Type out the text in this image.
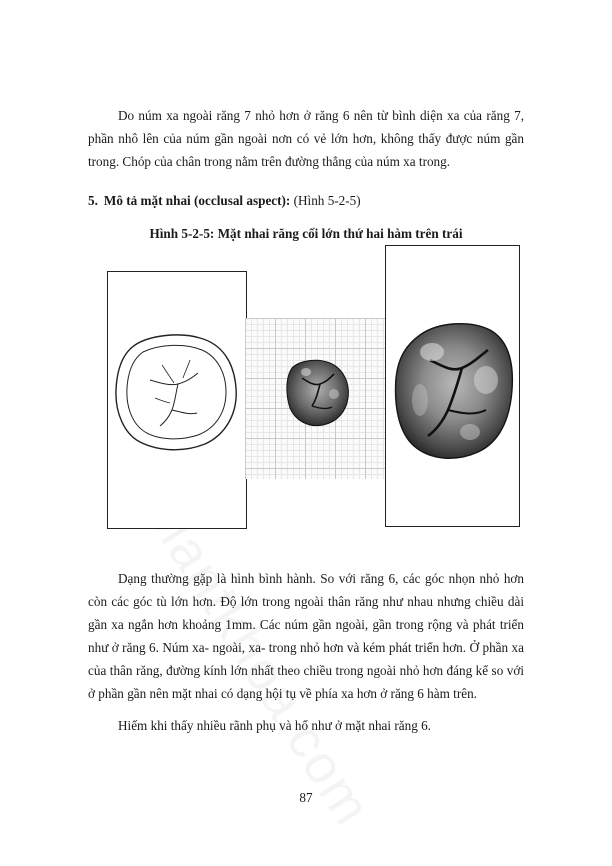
Do núm xa ngoài răng 7 nhỏ hơn ở răng 6 nên từ bình diện xa của răng 7, phần nhô lên của núm gần ngoài nơn có vẻ lớn hơn, không thấy được núm gần trong. Chóp của chân trong nằm trên đường thẳng của núm xa trong.

5. Mô tả mặt nhai (occlusal aspect): (Hình 5-2-5)

Hình 5-2-5: Mặt nhai răng cối lớn thứ hai hàm trên trái

Dạng thường gặp là hình bình hành. So với răng 6, các góc nhọn nhỏ hơn còn các góc tù lớn hơn. Độ lớn trong ngoài thân răng như nhau nhưng chiều dài gần xa ngắn hơn khoảng 1mm. Các núm gần ngoài, gần trong rộng và phát triển như ở răng 6. Núm xa- ngoài, xa- trong nhỏ hơn và kém phát triển hơn. Ở phần xa của thân răng, đường kính lớn nhất theo chiều trong ngoài nhỏ hơn đáng kể so với ở phần gần nên mặt nhai có dạng hội tụ về phía xa hơn ở răng 6 hàm trên.

Hiếm khi thấy nhiều rãnh phụ và hố như ở mặt nhai răng 6.

87
